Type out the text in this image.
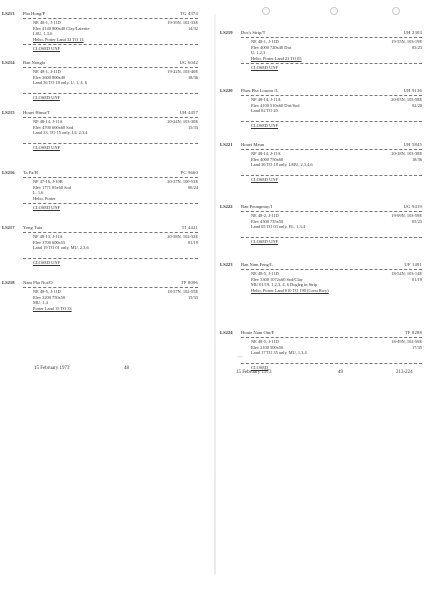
LS213 Pha Hong/P	TG 4374
NE 48-1, J-11D
Elev 4140 800x40 Clay/Laterite
LSU, 1,3,6
Helio, Porter Land 32 TO 14
19-39N, 102-33E
14/32
CLOSED UNF
LS214 Ban Nongla	UG 6042
NE 48-1, J-11D
Elev 3600 800x40
Land 36 TO 18 only, U, 1, 4, 6
19-22N, 103-40E
18/36
CLOSED UNF
LS215 Houei Hinsa/T	UH 4457
NF 48-14, J-11A
Elev 4700 600x60 Sod
Land 33, TO 15 only, LU 2,3,4
20-24N, 103-30E
15/33
CLOSED UNF
LS216 Ta Fa/H	PC 9660
NF 47-16, J-10B
Elev 1771 85x60 Sod
L, 1,6
Helio, Porter
20-27N, 100-53E
06/24
CLOSED UNF
LS217 Yong Tuia	TJ 4421
NF 48-13, J-11A
Elev 3700 600x55
Land 19 TO 01 only, MU, 2,3,6
20-58N, 102-32E
01/19
CLOSED UNF
LS218 Nam Pha Noi/O	TF 8096
NE 48-5, J-11D
Elev 3200 750x50
MU, 1,4
Porter Land 15 TO 33
18-57N, 102-55E
15/33
LS219 Doc's Strip/T	UH 2303
NE 48-1, J-11D
Elev 4000 720x40 Dirt
U, 1,2,3
Helio, Porter Land 23 TO 05
19-55N, 103-19E
05/23
CLOSED UNF
LS220 Phou Pha Louom /L	UH 9136
NF 48-14, J-11A
Elev 4100 510x60 Dirt/Sod
Land 02 TO 20
20-03N, 103-58E
02/20
CLOSED UNF
LS221 Houei Meun	UH 5845
NF 48-14, J-11A
Elev 4000 750x60
Land 36 TO 18 only, LMU, 2,3,4,6
20-18N, 103-38E
18/36
CLOSED UNF
LS222 Ban Poungmay/I	UG 9419
NE 48-2, J-11D
Elev 4500 735x50
Land 05 TO 03 only, EL, 1,3,4
19-09N, 103-59E
05/23
CLOSED UNF
LS223 Ban Nam Feng/L	UF 1491
NE 48-5, J-11D
Elev 3300 1072x60 Sod/Clay
MU 01/19, 1,2,3, 4, 6 Dogleg in Strip
Helio, Porter Land 010 TO 190 (Crest Rwy)
18-54N, 103-14E
01/19
LS224 Houie Nam Om/F	TF 8288
NE 48-5, J-11D
Elev 2100 500x50
Land 17 TO 35 only, MU, 1,3,4
18-49N, 102-56E
17/35
CLOSED
15 February 1973	48
15 February 1973	49	213-224
⌒
